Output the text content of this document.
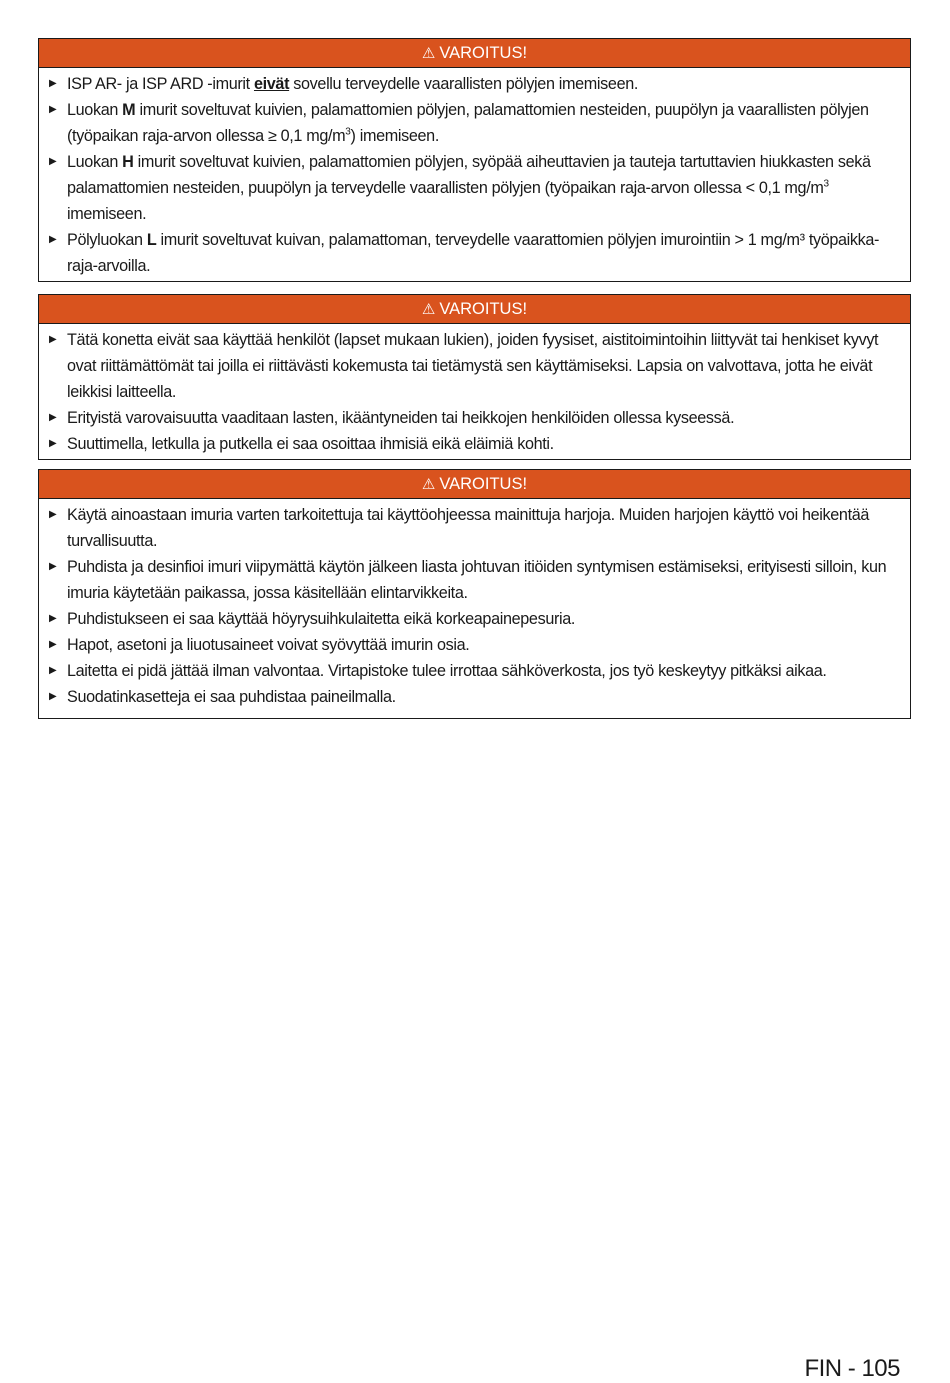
⚠ VAROITUS!
▶ ISP AR- ja ISP ARD -imurit eivät sovellu terveydelle vaarallisten pölyjen imemiseen.
▶ Luokan M imurit soveltuvat kuivien, palamattomien pölyjen, palamattomien nesteiden, puupölyn ja vaarallisten pölyjen (työpaikan raja-arvon ollessa ≥ 0,1 $mg/m^3$) imemiseen.
▶ Luokan H imurit soveltuvat kuivien, palamattomien pölyjen, syöpää aiheuttavien ja tauteja tartuttavien hiukkasten sekä palamattomien nesteiden, puupölyn ja terveydelle vaarallisten pölyjen (työpaikan raja-arvon ollessa < 0,1 $mg/m^3$ imemiseen.
▶ Pölyluokan L imurit soveltuvat kuivan, palamattoman, terveydelle vaarattomien pölyjen imurointiin > 1 mg/m³ työpaikka-raja-arvoilla.
⚠ VAROITUS!
▶ Tätä konetta eivät saa käyttää henkilöt (lapset mukaan lukien), joiden fyysiset, aistitoimintoihin liittyvät tai henkiset kyvyt ovat riittämättömät tai joilla ei riittävästi kokemusta tai tietämystä sen käyttämiseksi. Lapsia on valvottava, jotta he eivät leikkisi laitteella.
▶ Erityistä varovaisuutta vaaditaan lasten, ikääntyneiden tai heikkojen henkilöiden ollessa kyseessä.
▶ Suuttimella, letkulla ja putkella ei saa osoittaa ihmisiä eikä eläimiä kohti.
⚠ VAROITUS!
▶ Käytä ainoastaan imuria varten tarkoitettuja tai käyttöohjeessa mainittuja harjoja. Muiden harjojen käyttö voi heikentää turvallisuutta.
▶ Puhdista ja desinfioi imuri viipymättä käytön jälkeen liasta johtuvan itiöiden syntymisen estämiseksi, erityisesti silloin, kun imuria käytetään paikassa, jossa käsitellään elintarvikkeita.
▶ Puhdistukseen ei saa käyttää höyrysuihkulaitetta eikä korkeapainepesuria.
▶ Hapot, asetoni ja liuotusaineet voivat syövyttää imurin osia.
▶ Laitetta ei pidä jättää ilman valvontaa. Virtapistoke tulee irrottaa sähköverkosta, jos työ keskeytyy pitkäksi aikaa.
▶ Suodatinkasetteja ei saa puhdistaa paineilmalla.
FIN - 105
